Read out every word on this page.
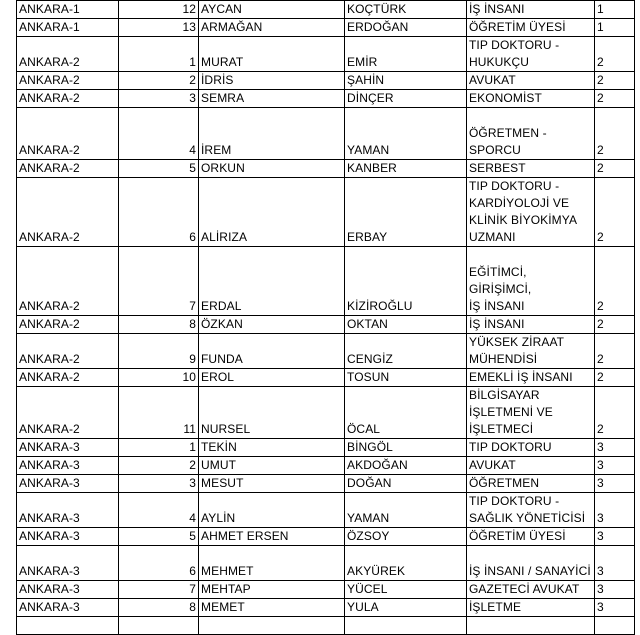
ANKARA-1	12	AYCAN	KOÇTÜRK	İŞ İNSANI	1
ANKARA-1	13	ARMAĞAN	ERDOĞAN	ÖĞRETİM ÜYESİ	1
ANKARA-2	1	MURAT	EMİR	TIP DOKTORU -
HUKUKÇU	2
ANKARA-2	2	İDRİS	ŞAHİN	AVUKAT	2
ANKARA-2	3	SEMRA	DİNÇER	EKONOMİST	2
ANKARA-2	4	İREM	YAMAN	ÖĞRETMEN - SPORCU	2
ANKARA-2	5	ORKUN	KANBER	SERBEST	2
ANKARA-2	6	ALİRIZA	ERBAY	TIP DOKTORU -
KARDİYOLOJİ VE
KLİNİK BİYOKİMYA
UZMANI	2
ANKARA-2	7	ERDAL	KİZİROĞLU	EĞİTİMCİ, GİRİŞİMCİ,
İŞ İNSANI	2
ANKARA-2	8	ÖZKAN	OKTAN	İŞ İNSANI	2
ANKARA-2	9	FUNDA	CENGİZ	YÜKSEK ZİRAAT
MÜHENDİSİ	2
ANKARA-2	10	EROL	TOSUN	EMEKLİ İŞ İNSANI	2
ANKARA-2	11	NURSEL	ÖCAL	BİLGİSAYAR
İŞLETMENİ VE
İŞLETMECİ	2
ANKARA-3	1	TEKİN	BİNGÖL	TIP DOKTORU	3
ANKARA-3	2	UMUT	AKDOĞAN	AVUKAT	3
ANKARA-3	3	MESUT	DOĞAN	ÖĞRETMEN	3
ANKARA-3	4	AYLİN	YAMAN	TIP DOKTORU -
SAĞLIK YÖNETİCİSİ	3
ANKARA-3	5	AHMET ERSEN	ÖZSOY	ÖĞRETİM ÜYESİ	3
ANKARA-3	6	MEHMET	AKYÜREK	İŞ İNSANI / SANAYİCİ	3
ANKARA-3	7	MEHTAP	YÜCEL	GAZETECİ AVUKAT	3
ANKARA-3	8	MEMET	YULA	İŞLETME	3
